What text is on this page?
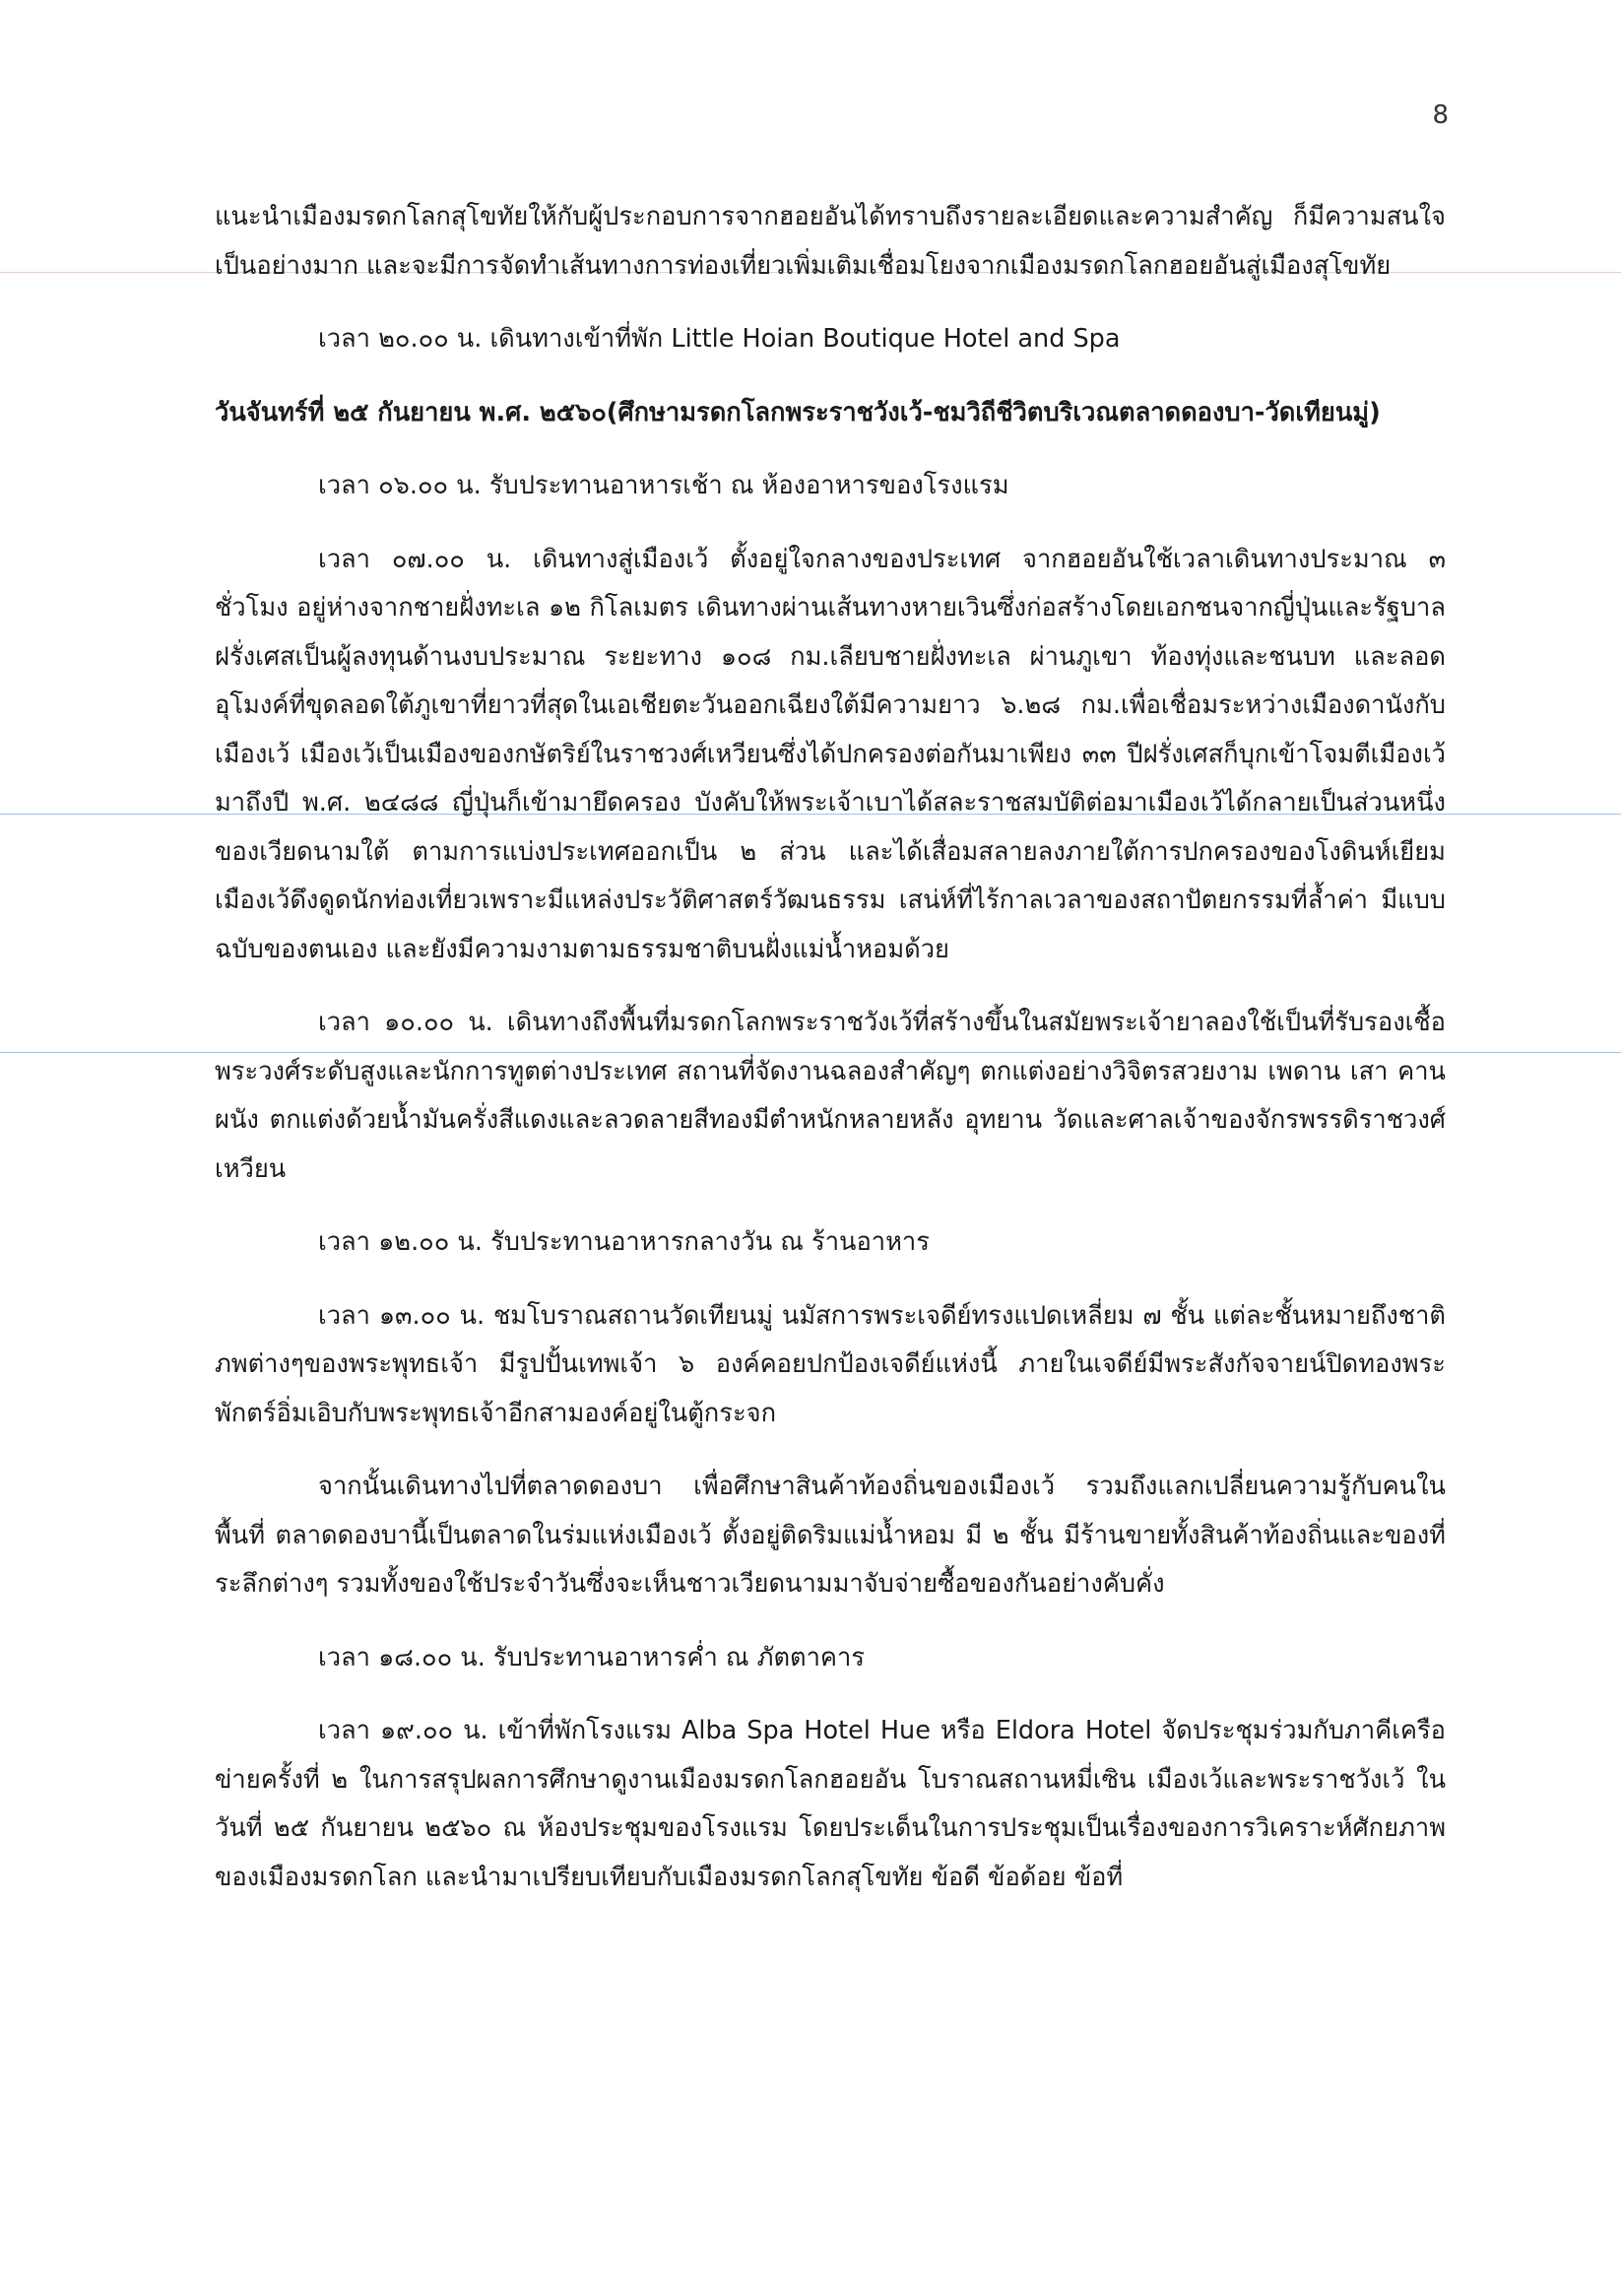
8

แนะนำเมืองมรดกโลกสุโขทัยให้กับผู้ประกอบการจากฮอยอันได้ทราบถึงรายละเอียดและความสำคัญ ก็มีความสนใจเป็นอย่างมาก และจะมีการจัดทำเส้นทางการท่องเที่ยวเพิ่มเติมเชื่อมโยงจากเมืองมรดกโลกฮอยอันสู่เมืองสุโขทัย

เวลา ๒๐.๐๐ น. เดินทางเข้าที่พัก Little Hoian Boutique Hotel and Spa

วันจันทร์ที่ ๒๕ กันยายน พ.ศ. ๒๕๖๐(ศึกษามรดกโลกพระราชวังเว้-ชมวิถีชีวิตบริเวณตลาดดองบา-วัดเทียนมู่)

เวลา ๐๖.๐๐ น. รับประทานอาหารเช้า ณ ห้องอาหารของโรงแรม

เวลา ๐๗.๐๐ น. เดินทางสู่เมืองเว้ ตั้งอยู่ใจกลางของประเทศ จากฮอยอันใช้เวลาเดินทางประมาณ ๓ ชั่วโมง อยู่ห่างจากชายฝั่งทะเล ๑๒ กิโลเมตร เดินทางผ่านเส้นทางหายเวินซึ่งก่อสร้างโดยเอกชนจากญี่ปุ่นและรัฐบาลฝรั่งเศสเป็นผู้ลงทุนด้านงบประมาณ ระยะทาง ๑๐๘ กม.เลียบชายฝั่งทะเล ผ่านภูเขา ท้องทุ่งและชนบท และลอดอุโมงค์ที่ขุดลอดใต้ภูเขาที่ยาวที่สุดในเอเชียตะวันออกเฉียงใต้มีความยาว ๖.๒๘ กม.เพื่อเชื่อมระหว่างเมืองดานังกับเมืองเว้ เมืองเว้เป็นเมืองของกษัตริย์ในราชวงศ์เหวียนซึ่งได้ปกครองต่อกันมาเพียง ๓๓ ปีฝรั่งเศสก็บุกเข้าโจมตีเมืองเว้ มาถึงปี พ.ศ. ๒๔๘๘ ญี่ปุ่นก็เข้ามายึดครอง บังคับให้พระเจ้าเบาได้สละราชสมบัติต่อมาเมืองเว้ได้กลายเป็นส่วนหนึ่งของเวียดนามใต้ ตามการแบ่งประเทศออกเป็น ๒ ส่วน และได้เสื่อมสลายลงภายใต้การปกครองของโงดินห์เยียม เมืองเว้ดึงดูดนักท่องเที่ยวเพราะมีแหล่งประวัติศาสตร์วัฒนธรรม เสน่ห์ที่ไร้กาลเวลาของสถาปัตยกรรมที่ล้ำค่า มีแบบฉบับของตนเอง และยังมีความงามตามธรรมชาติบนฝั่งแม่น้ำหอมด้วย

เวลา ๑๐.๐๐ น. เดินทางถึงพื้นที่มรดกโลกพระราชวังเว้ที่สร้างขึ้นในสมัยพระเจ้ายาลองใช้เป็นที่รับรองเชื้อพระวงศ์ระดับสูงและนักการทูตต่างประเทศ สถานที่จัดงานฉลองสำคัญๆ ตกแต่งอย่างวิจิตรสวยงาม เพดาน เสา คาน ผนัง ตกแต่งด้วยน้ำมันครั่งสีแดงและลวดลายสีทองมีตำหนักหลายหลัง อุทยาน วัดและศาลเจ้าของจักรพรรดิราชวงศ์เหวียน

เวลา ๑๒.๐๐ น. รับประทานอาหารกลางวัน ณ ร้านอาหาร

เวลา ๑๓.๐๐ น. ชมโบราณสถานวัดเทียนมู่ นมัสการพระเจดีย์ทรงแปดเหลี่ยม ๗ ชั้น แต่ละชั้นหมายถึงชาติภพต่างๆของพระพุทธเจ้า มีรูปปั้นเทพเจ้า ๖ องค์คอยปกป้องเจดีย์แห่งนี้ ภายในเจดีย์มีพระสังกัจจายน์ปิดทองพระพักตร์อิ่มเอิบกับพระพุทธเจ้าอีกสามองค์อยู่ในตู้กระจก

จากนั้นเดินทางไปที่ตลาดดองบา เพื่อศึกษาสินค้าท้องถิ่นของเมืองเว้ รวมถึงแลกเปลี่ยนความรู้กับคนในพื้นที่ ตลาดดองบานี้เป็นตลาดในร่มแห่งเมืองเว้ ตั้งอยู่ติดริมแม่น้ำหอม มี ๒ ชั้น มีร้านขายทั้งสินค้าท้องถิ่นและของที่ระลึกต่างๆ รวมทั้งของใช้ประจำวันซึ่งจะเห็นชาวเวียดนามมาจับจ่ายซื้อของกันอย่างคับคั่ง

เวลา ๑๘.๐๐ น. รับประทานอาหารค่ำ ณ ภัตตาคาร

เวลา ๑๙.๐๐ น. เข้าที่พักโรงแรม Alba Spa Hotel Hue หรือ Eldora Hotel จัดประชุมร่วมกับภาคีเครือข่ายครั้งที่ ๒ ในการสรุปผลการศึกษาดูงานเมืองมรดกโลกฮอยอัน โบราณสถานหมี่เซิน เมืองเว้และพระราชวังเว้ ในวันที่ ๒๕ กันยายน ๒๕๖๐ ณ ห้องประชุมของโรงแรม โดยประเด็นในการประชุมเป็นเรื่องของการวิเคราะห์ศักยภาพของเมืองมรดกโลก และนำมาเปรียบเทียบกับเมืองมรดกโลกสุโขทัย ข้อดี ข้อด้อย ข้อที่
